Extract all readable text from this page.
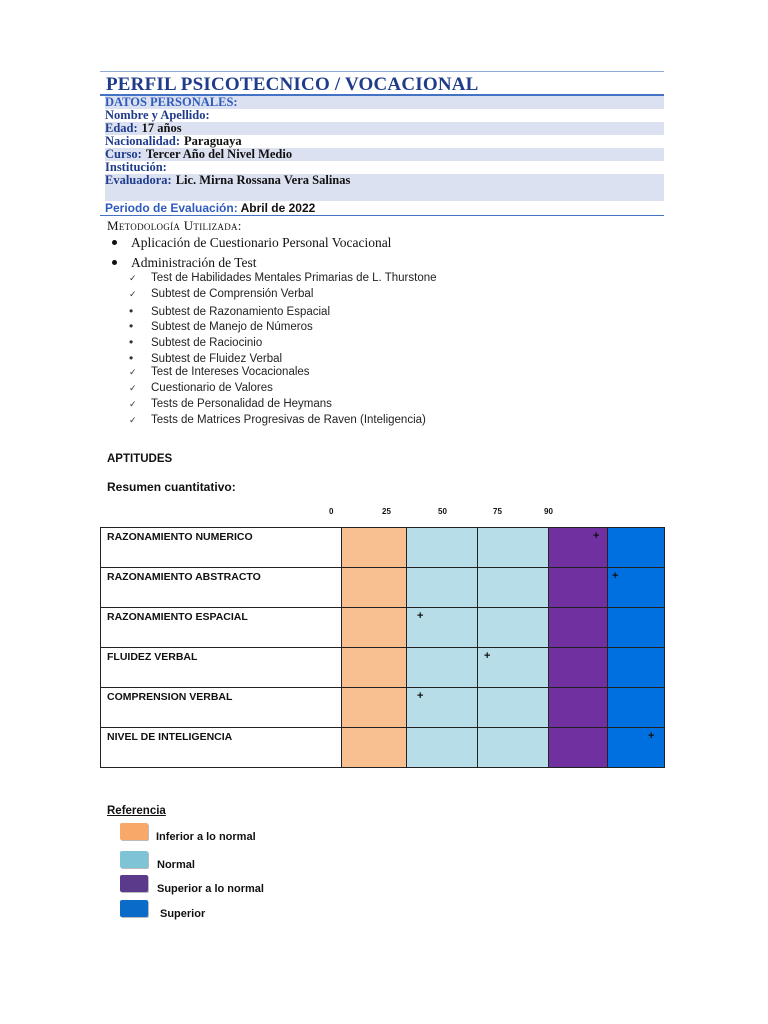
PERFIL PSICOTECNICO / VOCACIONAL
DATOS PERSONALES:
Nombre y Apellido:
Edad: 17 años
Nacionalidad: Paraguaya
Curso: Tercer Año del Nivel Medio
Institución:
Evaluadora: Lic. Mirna Rossana Vera Salinas
Periodo de Evaluación: Abril de 2022
Metodología Utilizada:
Aplicación de Cuestionario Personal Vocacional
Administración de Test
✓ Test de Habilidades Mentales Primarias de L. Thurstone
✓ Subtest de Comprensión Verbal
• Subtest de Razonamiento Espacial
• Subtest de Manejo de Números
• Subtest de Raciocinio
• Subtest de Fluidez Verbal
✓ Test de Intereses Vocacionales
✓ Cuestionario de Valores
✓ Tests de Personalidad de Heymans
✓ Tests de Matrices Progresivas de Raven (Inteligencia)
APTITUDES
Resumen cuantitativo:
0	25	50	75	90
RAZONAMIENTO NUMERICO				+	

RAZONAMIENTO ABSTRACTO					+

RAZONAMIENTO ESPACIAL		+			

FLUIDEZ VERBAL			+		

COMPRENSION VERBAL		+			

NIVEL DE INTELIGENCIA					+
Referencia
Inferior a lo normal
Normal
Superior a lo normal
Superior
